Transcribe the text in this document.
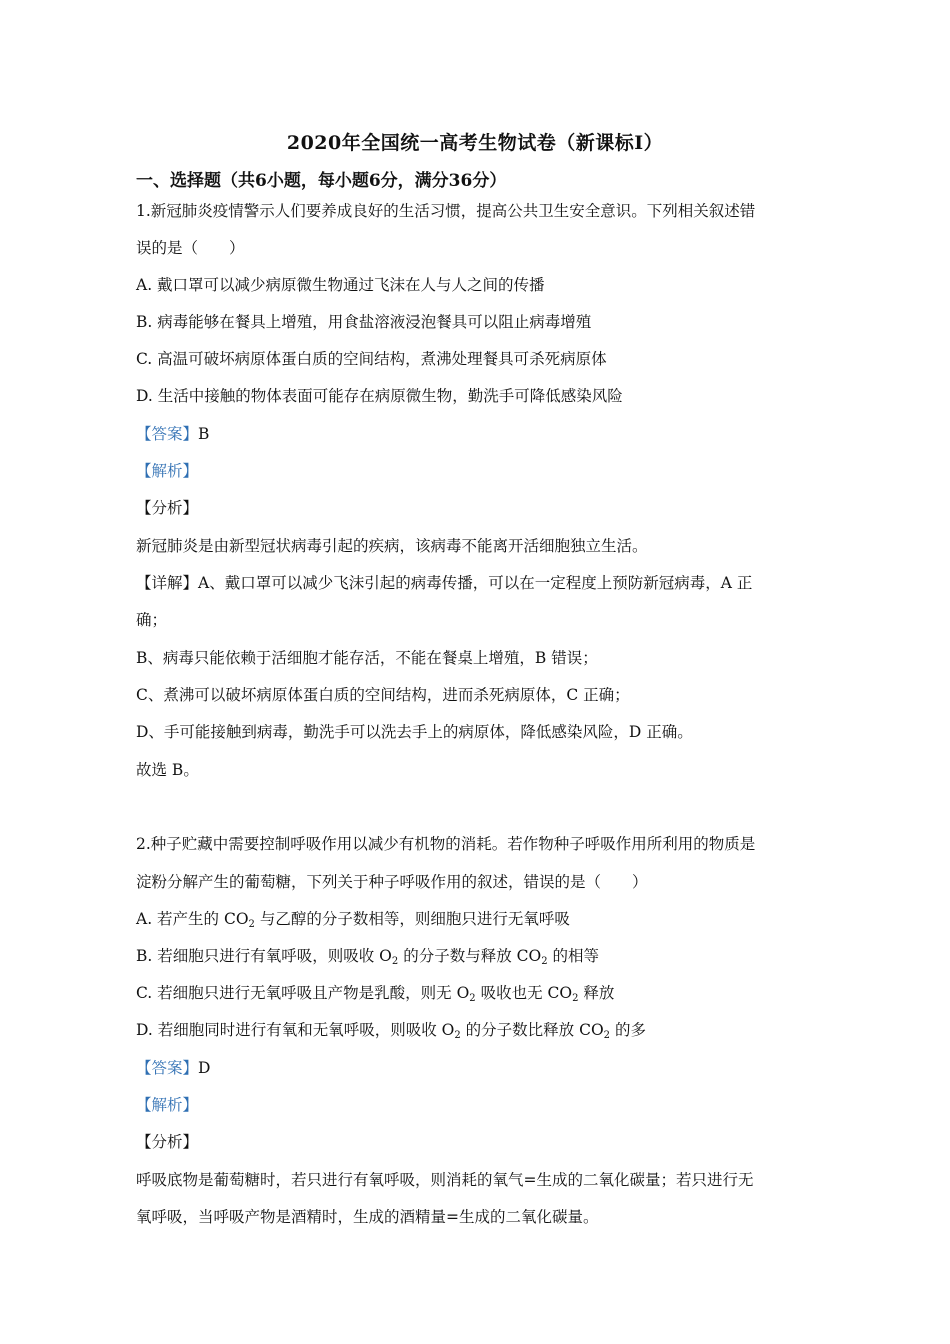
2020年全国统一高考生物试卷（新课标Ⅰ）
一、选择题（共6小题，每小题6分，满分36分）
1.新冠肺炎疫情警示人们要养成良好的生活习惯，提高公共卫生安全意识。下列相关叙述错
误的是（　　）
A. 戴口罩可以减少病原微生物通过飞沫在人与人之间的传播
B. 病毒能够在餐具上增殖，用食盐溶液浸泡餐具可以阻止病毒增殖
C. 高温可破坏病原体蛋白质的空间结构，煮沸处理餐具可杀死病原体
D. 生活中接触的物体表面可能存在病原微生物，勤洗手可降低感染风险
【答案】B
【解析】
【分析】
新冠肺炎是由新型冠状病毒引起的疾病，该病毒不能离开活细胞独立生活。
【详解】A、戴口罩可以减少飞沫引起的病毒传播，可以在一定程度上预防新冠病毒，A 正
确；
B、病毒只能依赖于活细胞才能存活，不能在餐桌上增殖，B 错误；
C、煮沸可以破坏病原体蛋白质的空间结构，进而杀死病原体，C 正确；
D、手可能接触到病毒，勤洗手可以洗去手上的病原体，降低感染风险，D 正确。
故选 B。
2.种子贮藏中需要控制呼吸作用以减少有机物的消耗。若作物种子呼吸作用所利用的物质是
淀粉分解产生的葡萄糖，下列关于种子呼吸作用的叙述，错误的是（　　）
A. 若产生的 $CO_2$ 与乙醇的分子数相等，则细胞只进行无氧呼吸
B. 若细胞只进行有氧呼吸，则吸收 $O_2$ 的分子数与释放 $CO_2$ 的相等
C. 若细胞只进行无氧呼吸且产物是乳酸，则无 $O_2$ 吸收也无 $CO_2$ 释放
D. 若细胞同时进行有氧和无氧呼吸，则吸收 $O_2$ 的分子数比释放 $CO_2$ 的多
【答案】D
【解析】
【分析】
呼吸底物是葡萄糖时，若只进行有氧呼吸，则消耗的氧气=生成的二氧化碳量；若只进行无
氧呼吸，当呼吸产物是酒精时，生成的酒精量=生成的二氧化碳量。
